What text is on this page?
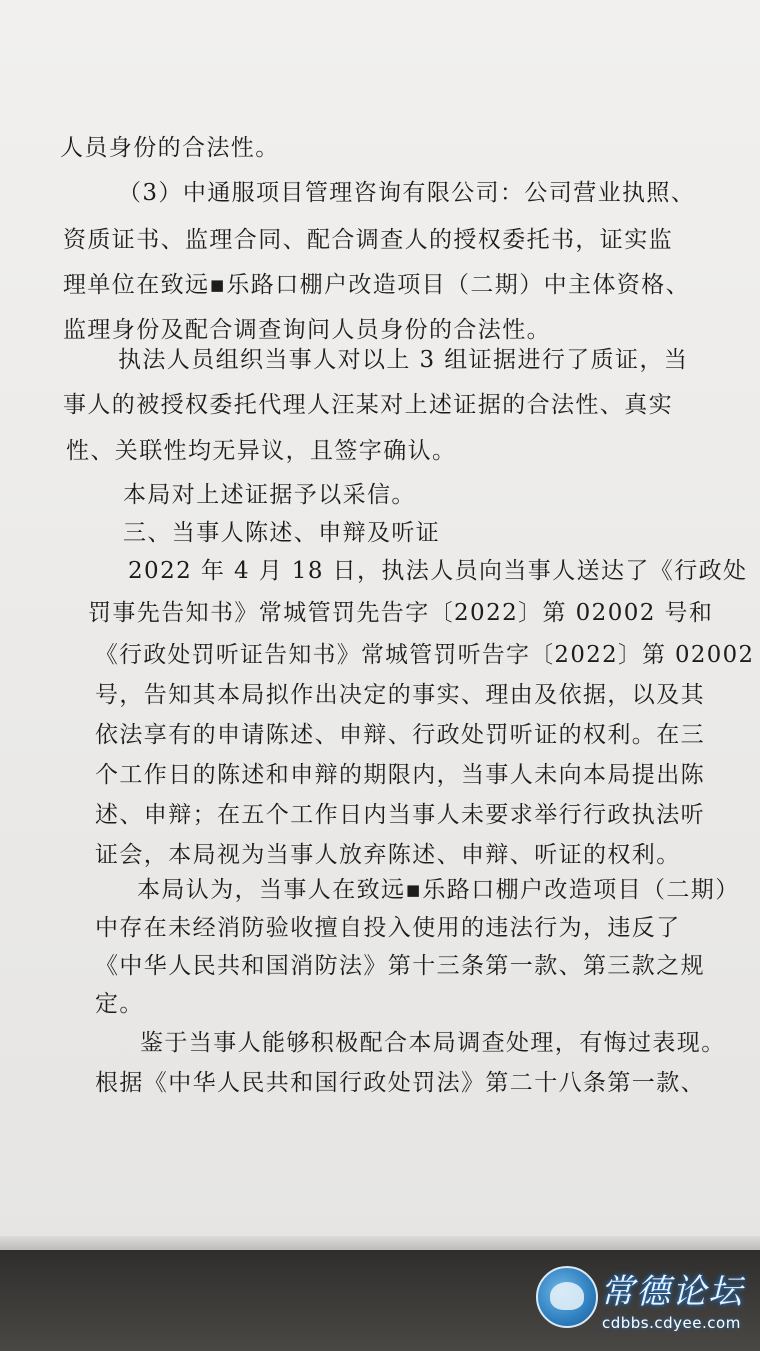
人员身份的合法性。
（3）中通服项目管理咨询有限公司：公司营业执照、
资质证书、监理合同、配合调查人的授权委托书，证实监
理单位在致远▪乐路口棚户改造项目（二期）中主体资格、
监理身份及配合调查询问人员身份的合法性。
执法人员组织当事人对以上 3 组证据进行了质证，当
事人的被授权委托代理人汪某对上述证据的合法性、真实
性、关联性均无异议，且签字确认。
本局对上述证据予以采信。
三、当事人陈述、申辩及听证
2022 年 4 月 18 日，执法人员向当事人送达了《行政处
罚事先告知书》常城管罚先告字〔2022〕第 02002 号和
《行政处罚听证告知书》常城管罚听告字〔2022〕第 02002
号，告知其本局拟作出决定的事实、理由及依据，以及其
依法享有的申请陈述、申辩、行政处罚听证的权利。在三
个工作日的陈述和申辩的期限内，当事人未向本局提出陈
述、申辩；在五个工作日内当事人未要求举行行政执法听
证会，本局视为当事人放弃陈述、申辩、听证的权利。
本局认为，当事人在致远▪乐路口棚户改造项目（二期）
中存在未经消防验收擅自投入使用的违法行为，违反了
《中华人民共和国消防法》第十三条第一款、第三款之规
定。
鉴于当事人能够积极配合本局调查处理，有悔过表现。
根据《中华人民共和国行政处罚法》第二十八条第一款、
常德论坛
cdbbs.cdyee.com
